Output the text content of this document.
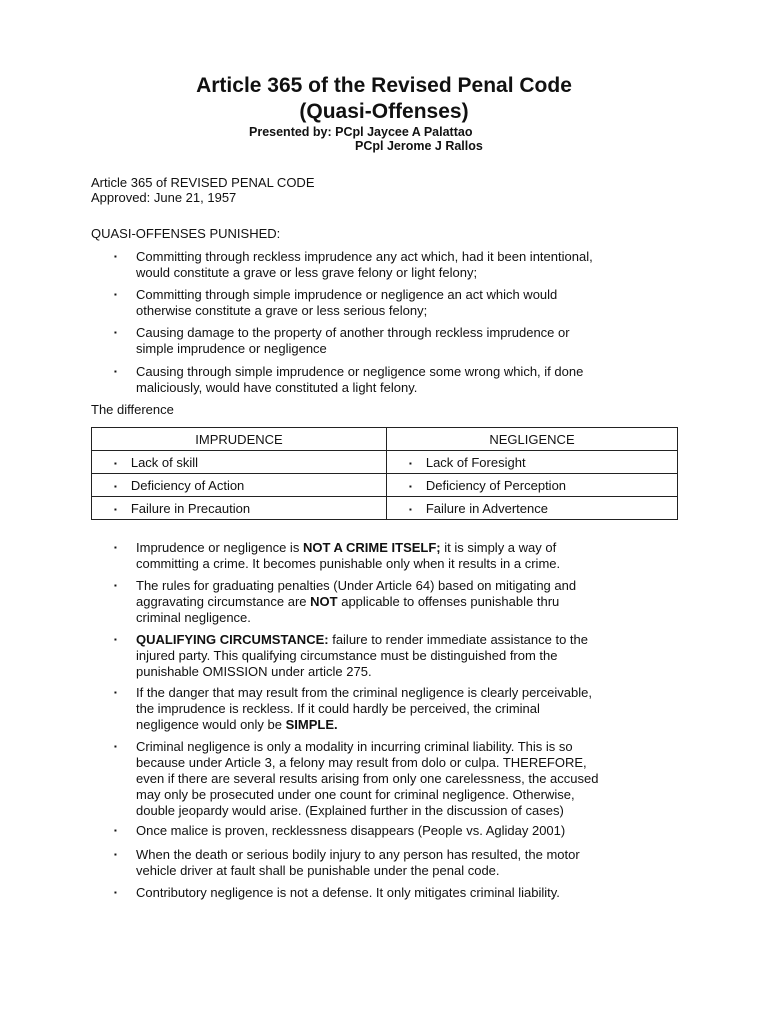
Article 365 of the Revised Penal Code
(Quasi-Offenses)
Presented by: PCpl Jaycee A Palattao
PCpl Jerome J Rallos
Article 365 of REVISED PENAL CODE
Approved: June 21, 1957
QUASI-OFFENSES PUNISHED:
▪ Committing through reckless imprudence any act which, had it been intentional,
would constitute a grave or less grave felony or light felony;
▪ Committing through simple imprudence or negligence an act which would
otherwise constitute a grave or less serious felony;
▪ Causing damage to the property of another through reckless imprudence or
simple imprudence or negligence
▪ Causing through simple imprudence or negligence some wrong which, if done
maliciously, would have constituted a light felony.
The difference
IMPRUDENCE	NEGLIGENCE
▪ Lack of skill	▪ Lack of Foresight
▪ Deficiency of Action	▪ Deficiency of Perception
▪ Failure in Precaution	▪ Failure in Advertence
▪ Imprudence or negligence is NOT A CRIME ITSELF; it is simply a way of
committing a crime. It becomes punishable only when it results in a crime.
▪ The rules for graduating penalties (Under Article 64) based on mitigating and
aggravating circumstance are NOT applicable to offenses punishable thru
criminal negligence.
▪ QUALIFYING CIRCUMSTANCE: failure to render immediate assistance to the
injured party. This qualifying circumstance must be distinguished from the
punishable OMISSION under article 275.
▪ If the danger that may result from the criminal negligence is clearly perceivable,
the imprudence is reckless. If it could hardly be perceived, the criminal
negligence would only be SIMPLE.
▪ Criminal negligence is only a modality in incurring criminal liability. This is so
because under Article 3, a felony may result from dolo or culpa. THEREFORE,
even if there are several results arising from only one carelessness, the accused
may only be prosecuted under one count for criminal negligence. Otherwise,
double jeopardy would arise. (Explained further in the discussion of cases)
▪ Once malice is proven, recklessness disappears (People vs. Agliday 2001)
▪ When the death or serious bodily injury to any person has resulted, the motor
vehicle driver at fault shall be punishable under the penal code.
▪ Contributory negligence is not a defense. It only mitigates criminal liability.
